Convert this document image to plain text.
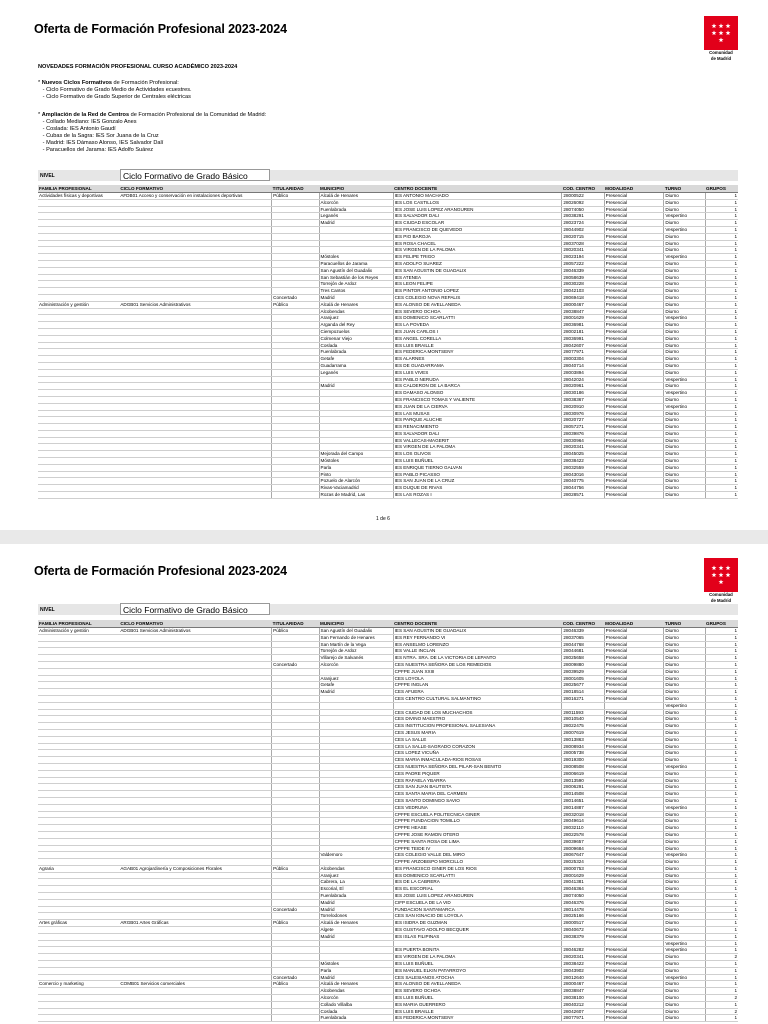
Oferta de Formación Profesional 2023-2024
Comunidad
de Madrid
NOVEDADES FORMACIÓN PROFESIONAL CURSO ACADÉMICO 2023-2024
* Nuevos Ciclos Formativos de Formación Profesional:
- Ciclo Formativo de Grado Medio de Actividades ecuestres.
- Ciclo Formativo de Grado Superior de Centrales eléctricas
* Ampliación de la Red de Centros de Formación Profesional de la Comunidad de Madrid:
- Collado Mediano: IES Gonzalo Anes
- Coslada: IES Antonio Gaudí
- Cubas de la Sagra: IES Sor Juana de la Cruz
- Madrid: IES Dámaso Alonso, IES Salvador Dalí
- Paracuellos del Jarama: IES Adolfo Suárez
NIVEL	Ciclo Formativo de Grado Básico
FAMILIA PROFESIONAL	CICLO FORMATIVO	TITULARIDAD	MUNICIPIO	CENTRO DOCENTE	COD. CENTRO	MODALIDAD	TURNO	GRUPOS
Actividades físicas y deportivas	AFDB01 Acceso y conservación en instalaciones deportivas	Público	Alcalá de Henares	IES ANTONIO MACHADO	28000522	Presencial	Diurno	1
			Alcorcón	IES LOS CASTILLOS	28026092	Presencial	Diurno	1
			Fuenlabrada	IES JOSE LUIS LOPEZ ARANGUREN	28074050	Presencial	Diurno	1
			Leganés	IES SALVADOR DALI	28038291	Presencial	Vespertino	1
			Madrid	IES CIUDAD ESCOLAR	28023724	Presencial	Diurno	1
				IES FRANCISCO DE QUEVEDO	28044902	Presencial	Vespertino	1
				IES PIO BAROJA	28020715	Presencial	Diurno	1
				IES ROSA CHACEL	28037028	Presencial	Diurno	1
				IES VIRGEN DE LA PALOMA	28020341	Presencial	Diurno	1
			Móstoles	IES FELIPE TRIGO	28023194	Presencial	Vespertino	1
			Paracuellos de Jarama	IES ADOLFO SUAREZ	28057222	Presencial	Diurno	1
			San Agustín del Guadalix	IES SAN AGUSTIN DE GUADALIX	28046339	Presencial	Diurno	1
			San Sebastián de los Reyes	IES ATENEA	28058639	Presencial	Diurno	1
			Torrejón de Ardoz	IES LEON FELIPE	28030228	Presencial	Diurno	1
			Tres Cantos	IES PINTOR ANTONIO LOPEZ	28042103	Presencial	Diurno	1
		Concertado	Madrid	CES COLEGIO NOVA REPALIS	28069418	Presencial	Diurno	1
Administración y gestión	ADGB01 Servicios Administrativos	Público	Alcalá de Henares	IES ALONSO DE AVELLANEDA	28000467	Presencial	Diurno	1
			Alcobendas	IES SEVERO OCHOA	28038847	Presencial	Diurno	1
			Aranjuez	IES DOMENICO SCARLATTI	28001629	Presencial	Vespertino	1
			Arganda del Rey	IES LA POVEDA	28036981	Presencial	Diurno	1
			Ciempozuelos	IES JUAN CARLOS I	28002181	Presencial	Diurno	1
			Colmenar Viejo	IES ANGEL CORELLA	28036991	Presencial	Diurno	1
			Coslada	IES LUIS BRAILLE	28042607	Presencial	Diurno	1
			Fuenlabrada	IES FEDERICA MONTSENY	28077971	Presencial	Diurno	1
			Getafe	IES ALARNES	28003304	Presencial	Diurno	1
			Guadarrama	IES DE GUADARRAMA	28040714	Presencial	Diurno	1
			Leganés	IES LUIS VIVES	28003894	Presencial	Diurno	1
				IES PABLO NERUDA	28042024	Presencial	Vespertino	1
			Madrid	IES CALDERON DE LA BARCA	28020961	Presencial	Diurno	1
				IES DAMASO ALONSO	28030186	Presencial	Vespertino	1
				IES FRANCISCO TOMAS Y VALIENTE	28038367	Presencial	Diurno	1
				IES JUAN DE LA CIERVA	28020910	Presencial	Vespertino	1
				IES LAS MUSAS	28030976	Presencial	Diurno	1
				IES PARQUE ALUCHE	28020727	Presencial	Diurno	1
				IES RENACIMIENTO	28057271	Presencial	Diurno	1
				IES SALVADOR DALI	28039876	Presencial	Diurno	1
				IES VALLECAS-MAGERIT	28030964	Presencial	Diurno	1
				IES VIRGEN DE LA PALOMA	28020341	Presencial	Diurno	1
			Mejorada del Campo	IES LOS OLIVOS	28045025	Presencial	Diurno	1
			Móstoles	IES LUIS BUÑUEL	28038422	Presencial	Diurno	1
			Parla	IES ENRIQUE TIERNO GALVAN	28032559	Presencial	Diurno	1
			Pinto	IES PABLO PICASSO	28043016	Presencial	Diurno	1
			Pozuelo de Alarcón	IES SAN JUAN DE LA CRUZ	28040775	Presencial	Diurno	1
			Rivas-Vaciamadrid	IES DUQUE DE RIVAS	28044756	Presencial	Diurno	1
			Rozas de Madrid, Las	IES LAS ROZAS I	28028571	Presencial	Diurno	1
1 de 6
Oferta de Formación Profesional 2023-2024
Comunidad
de Madrid
NIVEL	Ciclo Formativo de Grado Básico
FAMILIA PROFESIONAL	CICLO FORMATIVO	TITULARIDAD	MUNICIPIO	CENTRO DOCENTE	COD. CENTRO	MODALIDAD	TURNO	GRUPOS
Administración y gestión	ADGB01 Servicios Administrativos	Público	San Agustín del Guadalix	IES SAN AGUSTIN DE GUADALIX	28046339	Presencial	Diurno	1
			San Fernando de Henares	IES REY FERNANDO VI	28037065	Presencial	Diurno	1
			San Martín de la Vega	IES ANSELMO LORENZO	28044768	Presencial	Diurno	1
			Torrejón de Ardoz	IES VALLE INCLAN	28044681	Presencial	Diurno	1
			Villarejo de Salvanés	IES NTRA. SRA. DE LA VICTORIA DE LEPANTO	28025658	Presencial	Diurno	1
		Concertado	Alcorcón	CES NUESTRA SEÑORA DE LOS REMEDIOS	28009880	Presencial	Diurno	1
				CPFPE JUAN XXIII	28039529	Presencial	Diurno	1
			Aranjuez	CES LOYOLA	28001605	Presencial	Diurno	1
			Getafe	CPFPE INGLAN	28025677	Presencial	Diurno	1
			Madrid	CES AFUERA	28018514	Presencial	Diurno	1
				CES CENTRO CULTURAL SALMANTINO	28016271	Presencial	Diurno	1
							Vespertino	1
				CES CIUDAD DE LOS MUCHACHOS	28011593	Presencial	Diurno	1
				CES DIVINO MAESTRO	28010540	Presencial	Diurno	1
				CES INSTITUCION PROFESIONAL SALESIANA	28022475	Presencial	Diurno	1
				CES JESUS MARIA	28007619	Presencial	Diurno	1
				CES LA SALLE	28013863	Presencial	Diurno	1
				CES LA SALLE-SAGRADO CORAZON	28008934	Presencial	Diurno	1
				CES LOPEZ VICUÑA	28005738	Presencial	Diurno	1
				CES MARIA INMACULADA-RIOS ROSAS	28019300	Presencial	Diurno	1
				CES NUESTRA SEÑORA DEL PILAR-SAN BENITO	28008508	Presencial	Vespertino	1
				CES PADRE PIQUER	28006619	Presencial	Diurno	1
				CES RAFAELA YBARRA	28013590	Presencial	Diurno	1
				CES SAN JUAN BAUTISTA	28006291	Presencial	Diurno	1
				CES SANTA MARIA DEL CARMEN	28014508	Presencial	Diurno	1
				CES SANTO DOMINGO SAVIO	28014651	Presencial	Diurno	1
				CES VEDRUNA	28014887	Presencial	Vespertino	1
				CPFPE ESCUELA POLITECNICA GINER	28032018	Presencial	Diurno	1
				CPFPE FUNDACION TOMILLO	28049614	Presencial	Diurno	1
				CPFPE HEASE	28032110	Presencial	Diurno	1
				CPFPE JOSE RAMON OTERO	28022578	Presencial	Diurno	1
				CPFPE SANTA ROSA DE LIMA	28039657	Presencial	Diurno	1
				CPFPE TEIDE IV	28009684	Presencial	Diurno	1
			Valdemoro	CES COLEGIO VALLE DEL MIRO	28067647	Presencial	Vespertino	1
				CPFPE ARZOBISPO MORCILLO	28025324	Presencial	Diurno	1
Agraria	AGAB01 Agrojardinería y Composiciones Florales	Público	Alcobendas	IES FRANCISCO GINER DE LOS RIOS	28000753	Presencial	Diurno	1
			Aranjuez	IES DOMENICO SCARLATTI	28001629	Presencial	Diurno	1
			Cabrera, La	IES DE LA CABRERA	28041381	Presencial	Diurno	1
			Escorial, El	IES EL ESCORIAL	28046364	Presencial	Diurno	1
			Fuenlabrada	IES JOSE LUIS LOPEZ ARANGUREN	28074050	Presencial	Diurno	1
			Madrid	CIFP ESCUELA DE LA VID	28046376	Presencial	Diurno	1
		Concertado	Madrid	FUNDACION SANTAMARCA	28014478	Presencial	Diurno	1
			Torrelodones	CES SAN IGNACIO DE LOYOLA	28025166	Presencial	Diurno	1
Artes gráficas	ARGB01 Artes Gráficas	Público	Alcalá de Henares	IES ISIDRA DE GUZMAN	28000517	Presencial	Diurno	1
			Algete	IES GUSTAVO ADOLFO BECQUER	28040672	Presencial	Diurno	1
			Madrid	IES ISLAS FILIPINAS	28038379	Presencial	Diurno	1
							Vespertino	1
				IES PUERTA BONITA	28046282	Presencial	Vespertino	1
				IES VIRGEN DE LA PALOMA	28020341	Presencial	Diurno	2
			Móstoles	IES LUIS BUÑUEL	28038422	Presencial	Diurno	1
			Parla	IES MANUEL ELKIN PATARROYO	28043902	Presencial	Diurno	1
		Concertado	Madrid	CES SALESIANOS ATOCHA	28012640	Presencial	Vespertino	1
Comercio y marketing	COMB01 Servicios comerciales	Público	Alcalá de Henares	IES ALONSO DE AVELLANEDA	28000467	Presencial	Diurno	1
			Alcobendas	IES SEVERO OCHOA	28038847	Presencial	Diurno	1
			Alcorcón	IES LUIS BUÑUEL	28038100	Presencial	Diurno	2
			Collado Villalba	IES MARIA GUERRERO	28040212	Presencial	Diurno	1
			Coslada	IES LUIS BRAILLE	28042607	Presencial	Diurno	2
			Fuenlabrada	IES FEDERICA MONTSENY	28077971	Presencial	Diurno	1
